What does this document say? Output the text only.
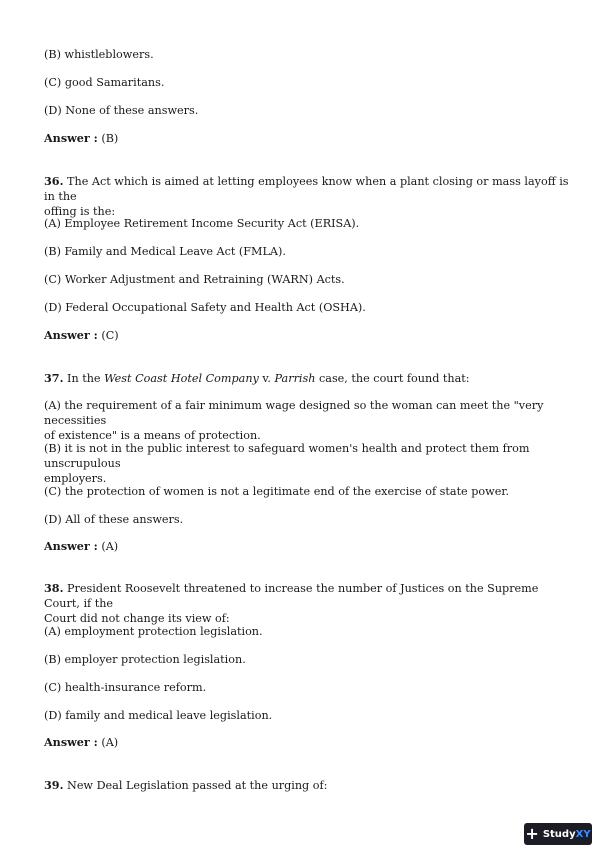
(B) whistleblowers.

(C) good Samaritans.

(D) None of these answers.

Answer : (B)

36. The Act which is aimed at letting employees know when a plant closing or mass layoff is in the
offing is the:

(A) Employee Retirement Income Security Act (ERISA).

(B) Family and Medical Leave Act (FMLA).

(C) Worker Adjustment and Retraining (WARN) Acts.

(D) Federal Occupational Safety and Health Act (OSHA).

Answer : (C)

37. In the West Coast Hotel Company v. Parrish case, the court found that:

(A) the requirement of a fair minimum wage designed so the woman can meet the "very necessities
of existence" is a means of protection.

(B) it is not in the public interest to safeguard women's health and protect them from unscrupulous
employers.

(C) the protection of women is not a legitimate end of the exercise of state power.

(D) All of these answers.

Answer : (A)

38. President Roosevelt threatened to increase the number of Justices on the Supreme Court, if the
Court did not change its view of:

(A) employment protection legislation.

(B) employer protection legislation.

(C) health-insurance reform.

(D) family and medical leave legislation.

Answer : (A)

39. New Deal Legislation passed at the urging of:

+ StudyXY
